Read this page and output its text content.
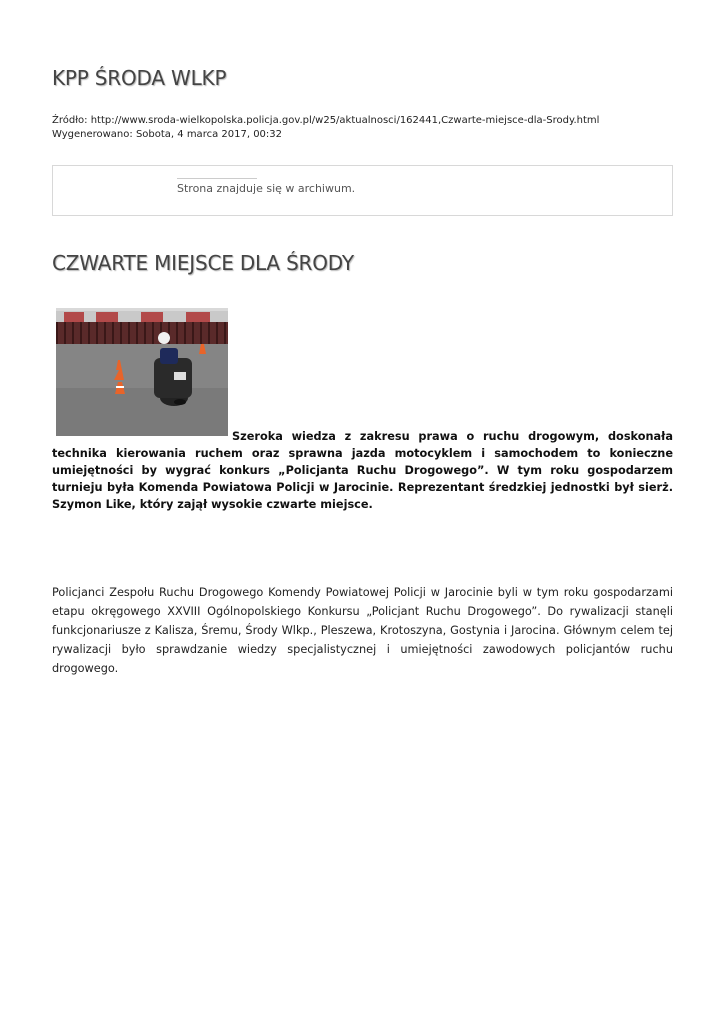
KPP ŚRODA WLKP
Źródło: http://www.sroda-wielkopolska.policja.gov.pl/w25/aktualnosci/162441,Czwarte-miejsce-dla-Srody.html
Wygenerowano: Sobota, 4 marca 2017, 00:32
Strona znajduje się w archiwum.
CZWARTE MIEJSCE DLA ŚRODY

Szeroka wiedza z zakresu prawa o ruchu drogowym, doskonała technika kierowania ruchem oraz sprawna jazda motocyklem i samochodem to konieczne umiejętności by wygrać konkurs „Policjanta Ruchu Drogowego”. W tym roku gospodarzem turnieju była Komenda Powiatowa Policji w Jarocinie. Reprezentant średzkiej jednostki był sierż. Szymon Like, który zajął wysokie czwarte miejsce.

Policjanci Zespołu Ruchu Drogowego Komendy Powiatowej Policji w Jarocinie byli w tym roku gospodarzami etapu okręgowego XXVIII Ogólnopolskiego Konkursu „Policjant Ruchu Drogowego”. Do rywalizacji stanęli funkcjonariusze z Kalisza, Śremu, Środy Wlkp., Pleszewa, Krotoszyna, Gostynia i Jarocina. Głównym celem tej rywalizacji było sprawdzanie wiedzy specjalistycznej i umiejętności zawodowych policjantów ruchu drogowego.
